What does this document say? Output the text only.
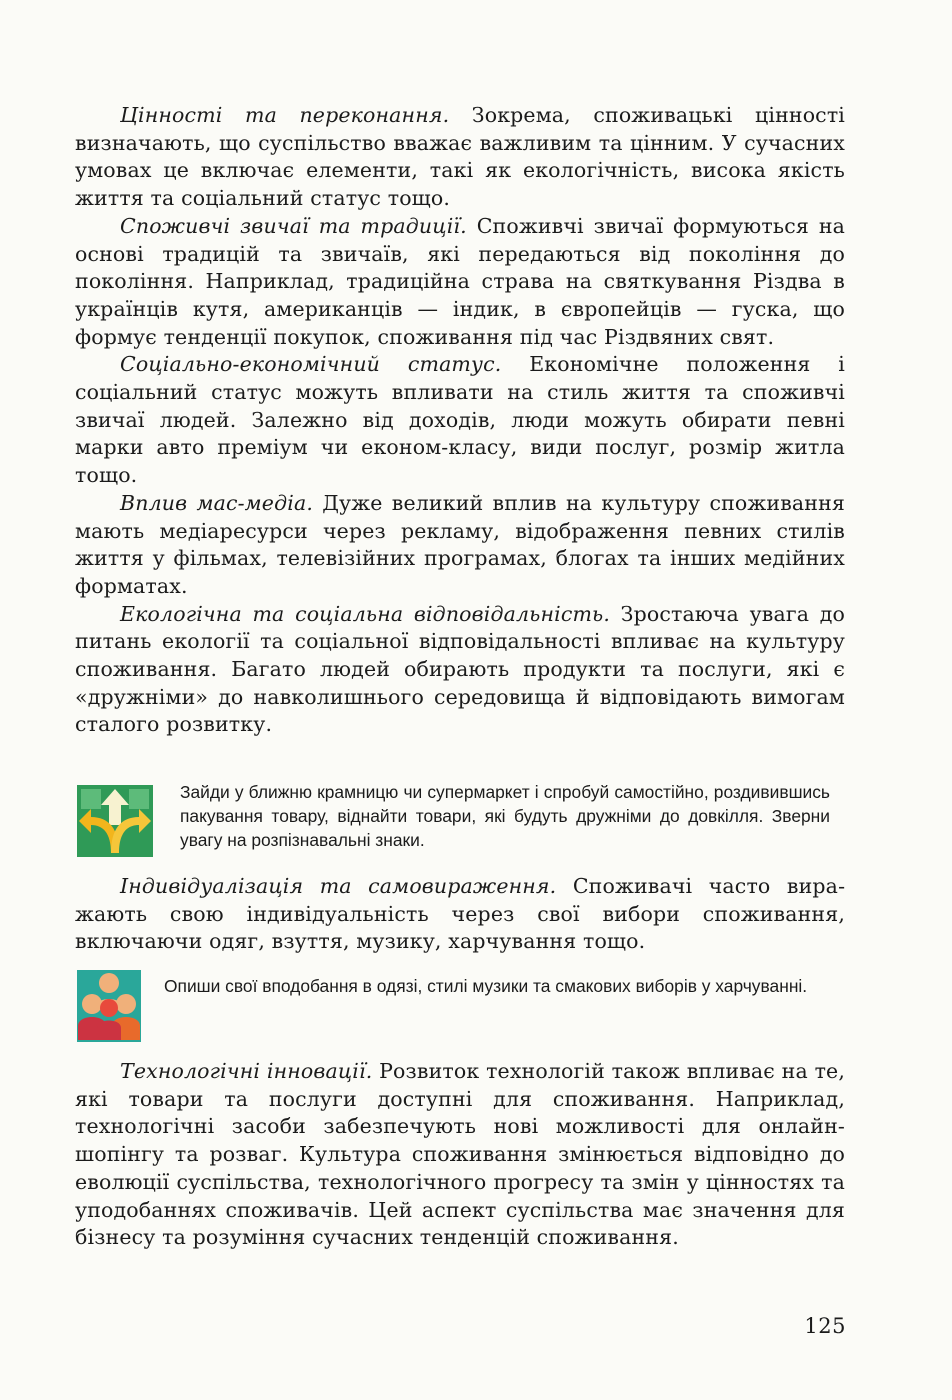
Цінності та переконання. Зокрема, споживацькі цінності визначають, що суспільство вважає важливим та цінним. У сучасних умовах це включає елементи, такі як екологічність, висока якість життя та соціальний статус тощо.

Споживчі звичаї та традиції. Споживчі звичаї формуються на основі традицій та звичаїв, які передаються від покоління до покоління. Наприклад, традиційна страва на святкування Різдва в українців кутя, американців — індик, в європейців — гуска, що формує тенденції покупок, споживання під час Різдвяних свят.

Соціально-економічний статус. Економічне положення і соціальний статус можуть впливати на стиль життя та споживчі звичаї людей. Залежно від доходів, люди можуть обирати певні марки авто преміум чи економ-класу, види послуг, розмір житла тощо.

Вплив мас-медіа. Дуже великий вплив на культуру споживання мають медіаресурси через рекламу, відображення певних стилів життя у фільмах, телевізійних програмах, блогах та інших медійних форматах.

Екологічна та соціальна відповідальність. Зростаюча увага до питань екології та соціальної відповідальності впливає на культуру споживання. Багато людей обирають продукти та послуги, які є «дружніми» до навколишнього середовища й відповідають вимогам сталого розвитку.

Зайди у ближню крамницю чи супермаркет і спробуй самостійно, роздивившись пакування товару, віднайти товари, які будуть дружніми до довкілля. Зверни увагу на розпізнавальні знаки.

Індивідуалізація та самовираження. Споживачі часто виражають свою індивідуальність через свої вибори споживання, включаючи одяг, взуття, музику, харчування тощо.

Опиши свої вподобання в одязі, стилі музики та смакових виборів у харчуванні.

Технологічні інновації. Розвиток технологій також впливає на те, які товари та послуги доступні для споживання. Наприклад, технологічні засоби забезпечують нові можливості для онлайн-шопінгу та розваг. Культура споживання змінюється відповідно до еволюції суспільства, технологічного прогресу та змін у цінностях та уподобаннях споживачів. Цей аспект суспільства має значення для бізнесу та розуміння сучасних тенденцій споживання.

125
